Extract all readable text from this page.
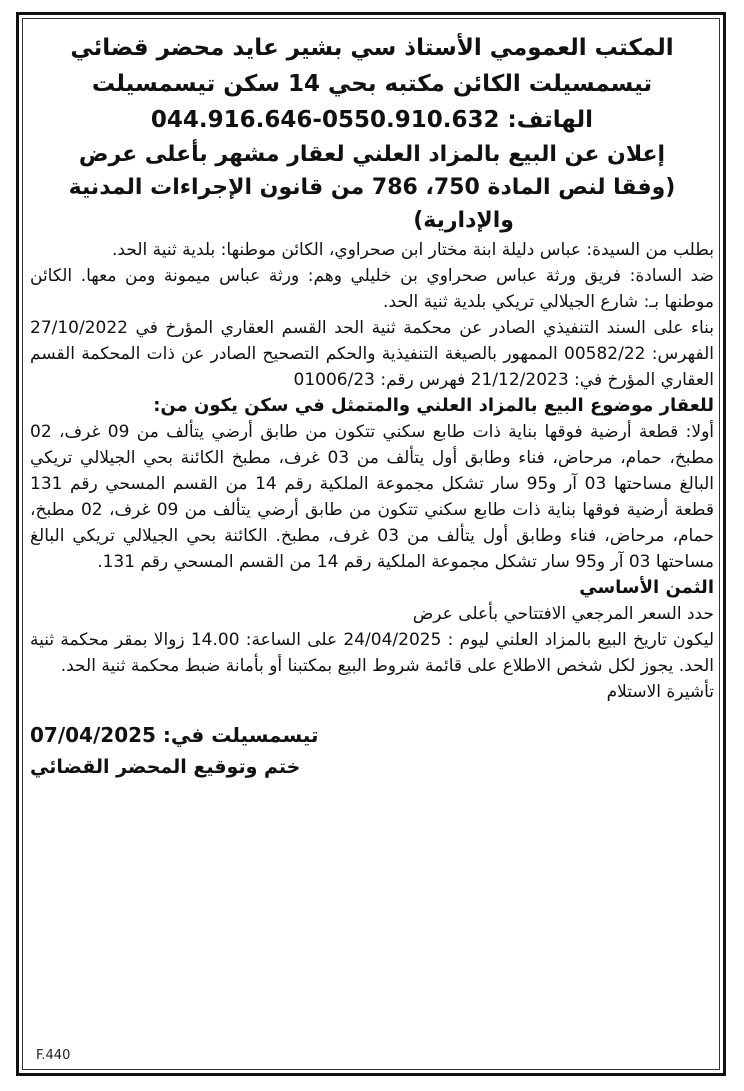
المكتب العمومي الأستاذ سي بشير عايد محضر قضائي
تيسمسيلت الكائن مكتبه بحي 14 سكن تيسمسيلت
الهاتف: 044.916.646-0550.910.632
إعلان عن البيع بالمزاد العلني لعقار مشهر بأعلى عرض
(وفقا لنص المادة 750، 786 من قانون الإجراءات المدنية
والإدارية)

بطلب من السيدة: عباس دليلة ابنة مختار ابن صحراوي، الكائن موطنها: بلدية ثنية الحد.

ضد السادة: فريق ورثة عباس صحراوي بن خليلي وهم: ورثة عباس ميمونة ومن معها. الكائن موطنها بـ: شارع الجيلالي تريكي بلدية ثنية الحد.

بناء على السند التنفيذي الصادر عن محكمة ثنية الحد القسم العقاري المؤرخ في 27/10/2022 الفهرس: 00582/22 الممهور بالصيغة التنفيذية والحكم التصحيح الصادر عن ذات المحكمة القسم العقاري المؤرخ في: 21/12/2023 فهرس رقم: 01006/23

للعقار موضوع البيع بالمزاد العلني والمتمثل في سكن يكون من:

أولا: قطعة أرضية فوقها بناية ذات طابع سكني تتكون من طابق أرضي يتألف من 09 غرف، 02 مطبخ، حمام، مرحاض، فناء وطابق أول يتألف من 03 غرف، مطبخ الكائنة بحي الجيلالي تريكي البالغ مساحتها 03 آر و95 سار تشكل مجموعة الملكية رقم 14 من القسم المسحي رقم 131 قطعة أرضية فوقها بناية ذات طابع سكني تتكون من طابق أرضي يتألف من 09 غرف، 02 مطبخ، حمام، مرحاض، فناء وطابق أول يتألف من 03 غرف، مطبخ. الكائنة بحي الجيلالي تريكي البالغ مساحتها 03 آر و95 سار تشكل مجموعة الملكية رقم 14 من القسم المسحي رقم 131.

الثمن الأساسي

حدد السعر المرجعي الافتتاحي بأعلى عرض

ليكون تاريخ البيع بالمزاد العلني ليوم : 24/04/2025 على الساعة: 14.00 زوالا بمقر محكمة ثنية الحد. يجوز لكل شخص الاطلاع على قائمة شروط البيع بمكتبنا أو بأمانة ضبط محكمة ثنية الحد.

تأشيرة الاستلام

تيسمسيلت في: 07/04/2025
ختم وتوقيع المحضر القضائي
F.440
